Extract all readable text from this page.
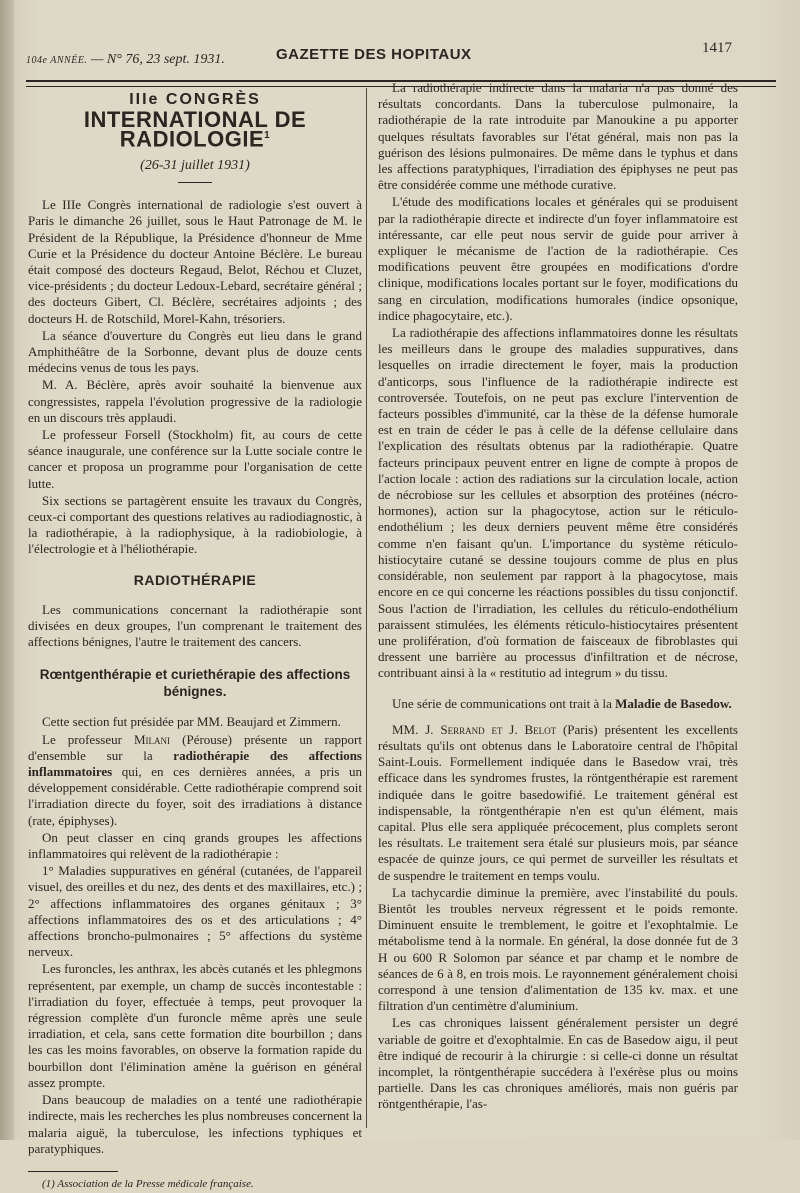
104e ANNÉE. — N° 76, 23 sept. 1931.	GAZETTE DES HOPITAUX	1417
IIIe CONGRÈS
INTERNATIONAL DE RADIOLOGIE$^1$
(26-31 juillet 1931)

Le IIIe Congrès international de radiologie s'est ouvert à Paris le dimanche 26 juillet, sous le Haut Patronage de M. le Président de la République, la Présidence d'honneur de Mme Curie et la Présidence du docteur Antoine Béclère. Le bureau était composé des docteurs Regaud, Belot, Réchou et Cluzet, vice-présidents ; du docteur Ledoux-Lebard, secrétaire général ; des docteurs Gibert, Cl. Béclère, secrétaires adjoints ; des docteurs H. de Rotschild, Morel-Kahn, trésoriers.

La séance d'ouverture du Congrès eut lieu dans le grand Amphithéâtre de la Sorbonne, devant plus de douze cents médecins venus de tous les pays.

M. A. Béclère, après avoir souhaité la bienvenue aux congressistes, rappela l'évolution progressive de la radiologie en un discours très applaudi.

Le professeur Forsell (Stockholm) fit, au cours de cette séance inaugurale, une conférence sur la Lutte sociale contre le cancer et proposa un programme pour l'organisation de cette lutte.

Six sections se partagèrent ensuite les travaux du Congrès, ceux-ci comportant des questions relatives au radiodiagnostic, à la radiothérapie, à la radiophysique, à la radiobiologie, à l'électrologie et à l'héliothérapie.

RADIOTHÉRAPIE

Les communications concernant la radiothérapie sont divisées en deux groupes, l'un comprenant le traitement des affections bénignes, l'autre le traitement des cancers.

Rœntgenthérapie et curiethérapie des affections bénignes.

Cette section fut présidée par MM. Beaujard et Zimmern.

Le professeur Milani (Pérouse) présente un rapport d'ensemble sur la radiothérapie des affections inflammatoires qui, en ces dernières années, a pris un développement considérable. Cette radiothérapie comprend soit l'irradiation directe du foyer, soit des irradiations à distance (rate, épiphyses).

On peut classer en cinq grands groupes les affections inflammatoires qui relèvent de la radiothérapie :

1° Maladies suppuratives en général (cutanées, de l'appareil visuel, des oreilles et du nez, des dents et des maxillaires, etc.) ; 2° affections inflammatoires des organes génitaux ; 3° affections inflammatoires des os et des articulations ; 4° affections broncho-pulmonaires ; 5° affections du système nerveux.

Les furoncles, les anthrax, les abcès cutanés et les phlegmons représentent, par exemple, un champ de succès incontestable : l'irradiation du foyer, effectuée à temps, peut provoquer la régression complète d'un furoncle même après une seule irradiation, et cela, sans cette formation dite bourbillon ; dans les cas les moins favorables, on observe la formation rapide du bourbillon dont l'élimination amène la guérison en général assez prompte.

Dans beaucoup de maladies on a tenté une radiothérapie indirecte, mais les recherches les plus nombreuses concernent la malaria aiguë, la tuberculose, les infections typhiques et paratyphiques.

(1) Association de la Presse médicale française.

La radiothérapie indirecte dans la malaria n'a pas donné des résultats concordants. Dans la tuberculose pulmonaire, la radiothérapie de la rate introduite par Manoukine a pu apporter quelques résultats favorables sur l'état général, mais non pas la guérison des lésions pulmonaires. De même dans le typhus et dans les affections paratyphiques, l'irradiation des épiphyses ne peut pas être considérée comme une méthode curative.

L'étude des modifications locales et générales qui se produisent par la radiothérapie directe et indirecte d'un foyer inflammatoire est intéressante, car elle peut nous servir de guide pour arriver à expliquer le mécanisme de l'action de la radiothérapie. Ces modifications peuvent être groupées en modifications d'ordre clinique, modifications locales portant sur le foyer, modifications du sang en circulation, modifications humorales (indice opsonique, indice phagocytaire, etc.).

La radiothérapie des affections inflammatoires donne les résultats les meilleurs dans le groupe des maladies suppuratives, dans lesquelles on irradie directement le foyer, mais la production d'anticorps, sous l'influence de la radiothérapie indirecte est controversée. Toutefois, on ne peut pas exclure l'intervention de facteurs possibles d'immunité, car la thèse de la défense humorale est en train de céder le pas à celle de la défense cellulaire dans l'explication des résultats obtenus par la radiothérapie. Quatre facteurs principaux peuvent entrer en ligne de compte à propos de l'action locale : action des radiations sur la circulation locale, action de nécrobiose sur les cellules et absorption des protéines (nécro-hormones), action sur la phagocytose, action sur le réticulo-endothélium ; les deux derniers peuvent même être considérés comme n'en faisant qu'un. L'importance du système réticulo-histiocytaire cutané se dessine toujours comme de plus en plus considérable, non seulement par rapport à la phagocytose, mais encore en ce qui concerne les réactions possibles du tissu conjonctif. Sous l'action de l'irradiation, les cellules du réticulo-endothélium paraissent stimulées, les éléments réticulo-histiocytaires présentent une prolifération, d'où formation de faisceaux de fibroblastes qui dressent une barrière au processus d'infiltration et de nécrose, contribuant ainsi à la « restitutio ad integrum » du tissu.

Une série de communications ont trait à la Maladie de Basedow.

MM. J. Serrand et J. Belot (Paris) présentent les excellents résultats qu'ils ont obtenus dans le Laboratoire central de l'hôpital Saint-Louis. Formellement indiquée dans le Basedow vrai, très efficace dans les syndromes frustes, la röntgenthérapie est rarement indiquée dans le goitre basedowifié. Le traitement général est indispensable, la röntgenthérapie n'en est qu'un élément, mais capital. Plus elle sera appliquée précocement, plus complets seront les résultats. Le traitement sera étalé sur plusieurs mois, par séance espacée de quinze jours, ce qui permet de surveiller les résultats et de suspendre le traitement en temps voulu.

La tachycardie diminue la première, avec l'instabilité du pouls. Bientôt les troubles nerveux régressent et le poids remonte. Diminuent ensuite le tremblement, le goitre et l'exophtalmie. Le métabolisme tend à la normale. En général, la dose donnée fut de 3 H ou 600 R Solomon par séance et par champ et le nombre de séances de 6 à 8, en trois mois. Le rayonnement généralement choisi correspond à une tension d'alimentation de 135 kv. max. et une filtration d'un centimètre d'aluminium.

Les cas chroniques laissent généralement persister un degré variable de goitre et d'exophtalmie. En cas de Basedow aigu, il peut être indiqué de recourir à la chirurgie : si celle-ci donne un résultat incomplet, la röntgenthérapie succédera à l'exérèse plus ou moins partielle. Dans les cas chroniques améliorés, mais non guéris par röntgenthérapie, l'as-
